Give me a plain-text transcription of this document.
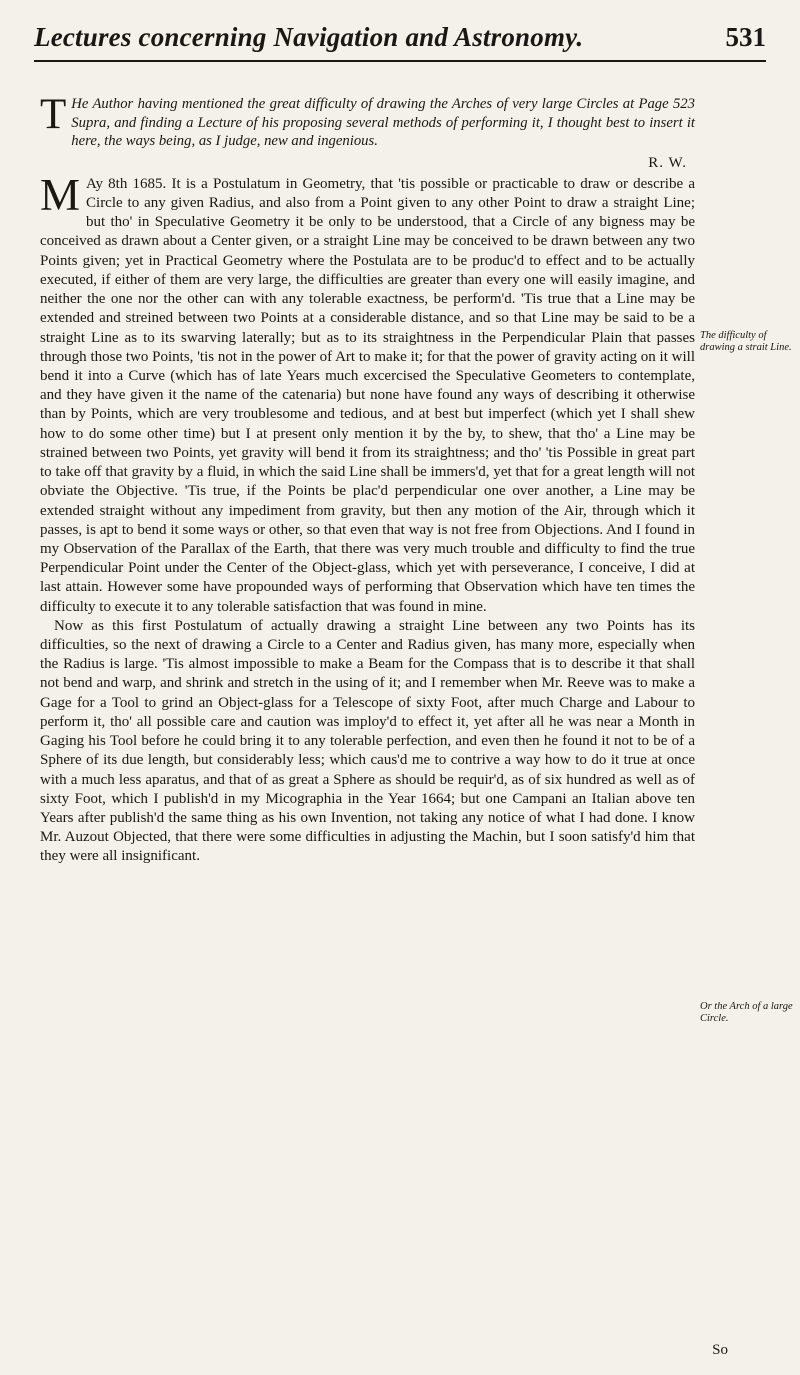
Lectures concerning Navigation and Astronomy.	531

T He Author having mentioned the great difficulty of drawing the Arches of very large Circles at Page 523 Supra, and finding a Lecture of his proposing several methods of performing it, I thought best to insert it here, the ways being, as I judge, new and ingenious.

R. W.

M Ay 8th 1685. It is a Postulatum in Geometry, that 'tis possible or practicable to draw or describe a Circle to any given Radius, and also from a Point given to any other Point to draw a straight Line; but tho' in Speculative Geometry it be only to be understood, that a Circle of any bigness may be conceived as drawn about a Center given, or a straight Line may be conceived to be drawn between any two Points given; yet in Practical Geometry where the Postulata are to be produc'd to effect and to be actually executed, if either of them are very large, the difficulties are greater than every one will easily imagine, and neither the one nor the other can with any tolerable exactness, be perform'd. 'Tis true that a Line may be extended and streined between two Points at a considerable distance, and so that Line may be said to be a straight Line as to its swarving laterally; but as to its straightness in the Perpendicular Plain that passes through those two Points, 'tis not in the power of Art to make it; for that the power of gravity acting on it will bend it into a Curve (which has of late Years much excercised the Speculative Geometers to contemplate, and they have given it the name of the catenaria) but none have found any ways of describing it otherwise than by Points, which are very troublesome and tedious, and at best but imperfect (which yet I shall shew how to do some other time) but I at present only mention it by the by, to shew, that tho' a Line may be strained between two Points, yet gravity will bend it from its straightness; and tho' 'tis Possible in great part to take off that gravity by a fluid, in which the said Line shall be immers'd, yet that for a great length will not obviate the Objective. 'Tis true, if the Points be plac'd perpendicular one over another, a Line may be extended straight without any impediment from gravity, but then any motion of the Air, through which it passes, is apt to bend it some ways or other, so that even that way is not free from Objections. And I found in my Observation of the Parallax of the Earth, that there was very much trouble and difficulty to find the true Perpendicular Point under the Center of the Object-glass, which yet with perseverance, I conceive, I did at last attain. However some have propounded ways of performing that Observation which have ten times the difficulty to execute it to any tolerable satisfaction that was found in mine.

Now as this first Postulatum of actually drawing a straight Line between any two Points has its difficulties, so the next of drawing a Circle to a Center and Radius given, has many more, especially when the Radius is large. 'Tis almost impossible to make a Beam for the Compass that is to describe it that shall not bend and warp, and shrink and stretch in the using of it; and I remember when Mr. Reeve was to make a Gage for a Tool to grind an Object-glass for a Telescope of sixty Foot, after much Charge and Labour to perform it, tho' all possible care and caution was imploy'd to effect it, yet after all he was near a Month in Gaging his Tool before he could bring it to any tolerable perfection, and even then he found it not to be of a Sphere of its due length, but considerably less; which caus'd me to contrive a way how to do it true at once with a much less aparatus, and that of as great a Sphere as should be requir'd, as of six hundred as well as of sixty Foot, which I publish'd in my Micographia in the Year 1664; but one Campani an Italian above ten Years after publish'd the same thing as his own Invention, not taking any notice of what I had done. I know Mr. Auzout Objected, that there were some difficulties in adjusting the Machin, but I soon satisfy'd him that they were all insignificant.

The difficulty of drawing a strait Line.
Or the Arch of a large Circle.
So
